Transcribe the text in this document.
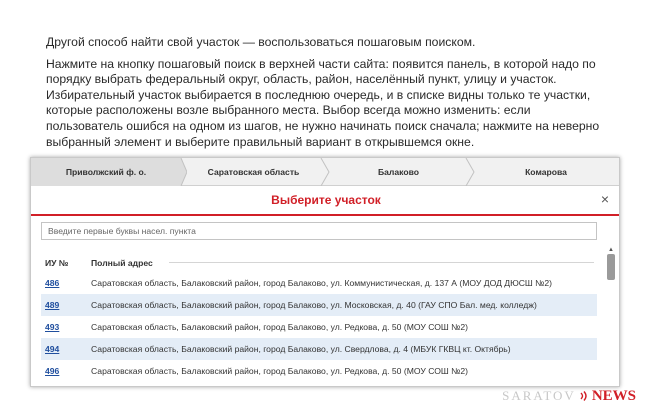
Другой способ найти свой участок — воспользоваться пошаговым поиском.

Нажмите на кнопку пошаговый поиск в верхней части сайта: появится панель, в которой надо по порядку выбрать федеральный округ, область, район, населённый пункт, улицу и участок. Избирательный участок выбирается в последнюю очередь, и в списке видны только те участки, которые расположены возле выбранного места. Выбор всегда можно изменить: если пользователь ошибся на одном из шагов, не нужно начинать поиск сначала; нажмите на неверно выбранный элемент и выберите правильный вариант в открывшемся окне.

Приволжский ф. о.	Саратовская область	Балаково	Комарова
Выберите участок	×
Введите первые буквы насел. пункта
ИУ №	Полный адрес
486	Саратовская область, Балаковский район, город Балаково, ул. Коммунистическая, д. 137 А (МОУ ДОД ДЮСШ №2)
489	Саратовская область, Балаковский район, город Балаково, ул. Московская, д. 40 (ГАУ СПО Бал. мед. колледж)
493	Саратовская область, Балаковский район, город Балаково, ул. Редкова, д. 50 (МОУ СОШ №2)
494	Саратовская область, Балаковский район, город Балаково, ул. Свердлова, д. 4 (МБУК ГКВЦ кт. Октябрь)
496	Саратовская область, Балаковский район, город Балаково, ул. Редкова, д. 50 (МОУ СОШ №2)
▲
SARATOV NEWS
